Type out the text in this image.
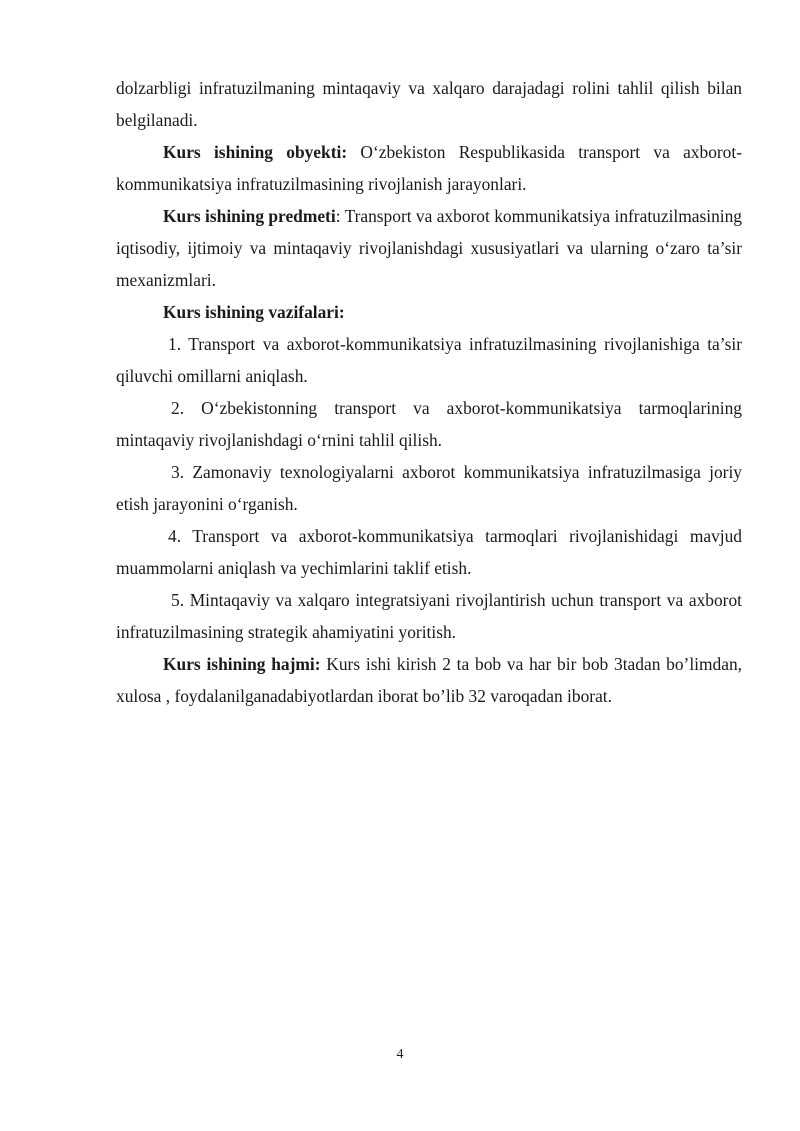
dolzarbligi infratuzilmaning mintaqaviy va xalqaro darajadagi rolini tahlil qilish bilan belgilanadi.

Kurs ishining obyekti: O‘zbekiston Respublikasida transport va axborot-kommunikatsiya infratuzilmasining rivojlanish jarayonlari.

Kurs ishining predmeti: Transport va axborot kommunikatsiya infratuzilmasining iqtisodiy, ijtimoiy va mintaqaviy rivojlanishdagi xususiyatlari va ularning o‘zaro ta’sir mexanizmlari.

Kurs ishining vazifalari:

1. Transport va axborot-kommunikatsiya infratuzilmasining rivojlanishiga ta’sir qiluvchi omillarni aniqlash.

2. O‘zbekistonning transport va axborot-kommunikatsiya tarmoqlarining mintaqaviy rivojlanishdagi o‘rnini tahlil qilish.

3. Zamonaviy texnologiyalarni axborot kommunikatsiya infratuzilmasiga joriy etish jarayonini o‘rganish.

4. Transport va axborot-kommunikatsiya tarmoqlari rivojlanishidagi mavjud muammolarni aniqlash va yechimlarini taklif etish.

5. Mintaqaviy va xalqaro integratsiyani rivojlantirish uchun transport va axborot infratuzilmasining strategik ahamiyatini yoritish.

Kurs ishining hajmi: Kurs ishi kirish 2 ta bob va har bir bob 3tadan bo’limdan, xulosa , foydalanilganadabiyotlardan iborat bo’lib 32 varoqadan iborat.

4
